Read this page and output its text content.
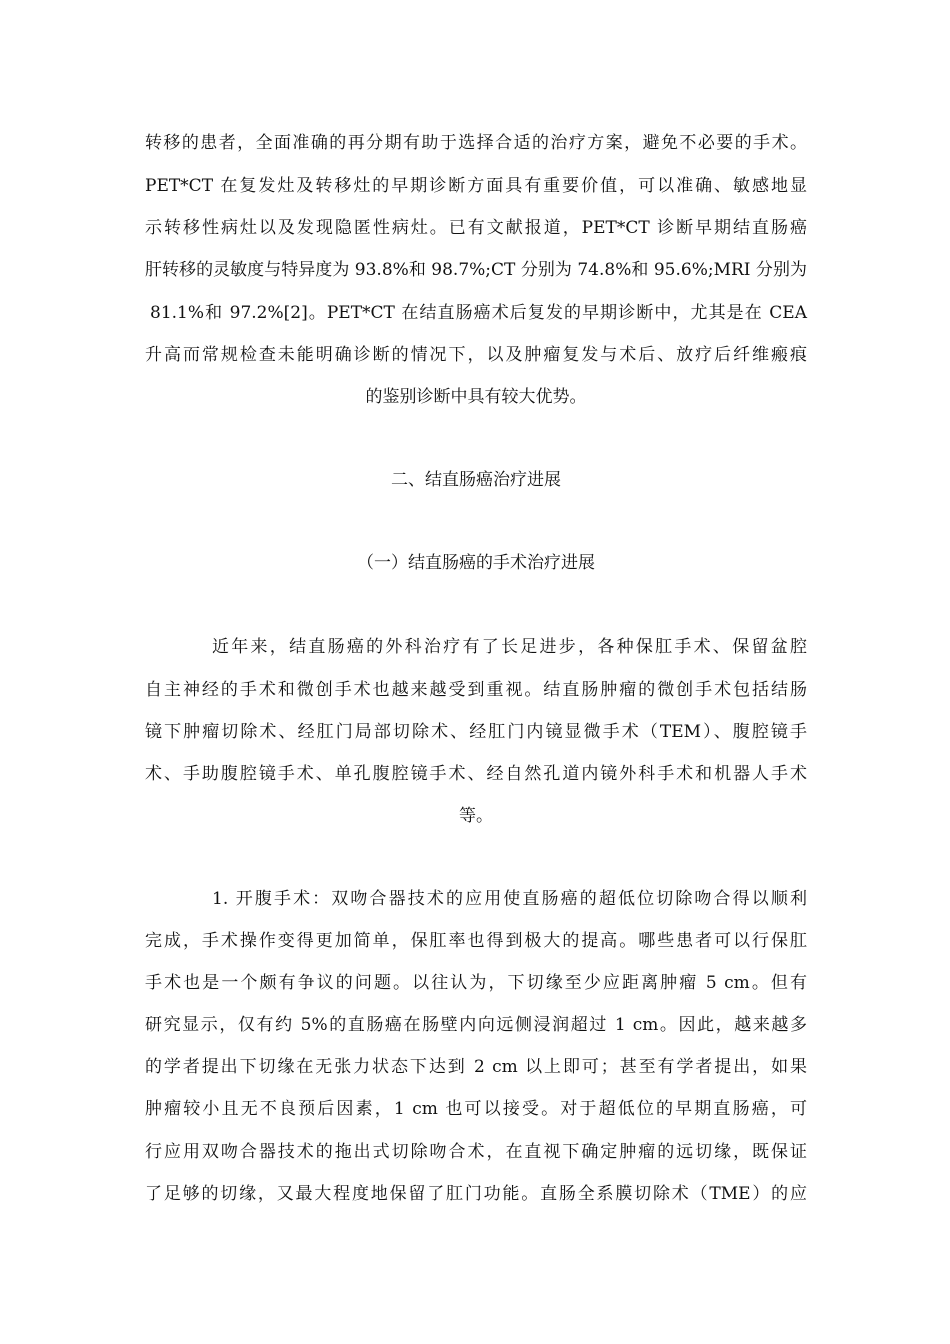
转移的患者，全面准确的再分期有助于选择合适的治疗方案，避免不必要的手术。
PET*CT 在复发灶及转移灶的早期诊断方面具有重要价值，可以准确、敏感地显
示转移性病灶以及发现隐匿性病灶。已有文献报道，PET*CT 诊断早期结直肠癌
肝转移的灵敏度与特异度为 93.8%和 98.7%;CT 分别为 74.8%和 95.6%;MRI 分别为
81.1%和 97.2%[2]。PET*CT 在结直肠癌术后复发的早期诊断中，尤其是在 CEA
升高而常规检查未能明确诊断的情况下，以及肿瘤复发与术后、放疗后纤维瘢痕
的鉴别诊断中具有较大优势。
二、结直肠癌治疗进展
（一）结直肠癌的手术治疗进展
近年来，结直肠癌的外科治疗有了长足进步，各种保肛手术、保留盆腔
自主神经的手术和微创手术也越来越受到重视。结直肠肿瘤的微创手术包括结肠
镜下肿瘤切除术、经肛门局部切除术、经肛门内镜显微手术（TEM）、腹腔镜手
术、手助腹腔镜手术、单孔腹腔镜手术、经自然孔道内镜外科手术和机器人手术
等。
1. 开腹手术：双吻合器技术的应用使直肠癌的超低位切除吻合得以顺利
完成，手术操作变得更加简单，保肛率也得到极大的提高。哪些患者可以行保肛
手术也是一个颇有争议的问题。以往认为，下切缘至少应距离肿瘤 5 cm。但有
研究显示，仅有约 5%的直肠癌在肠壁内向远侧浸润超过 1 cm。因此，越来越多
的学者提出下切缘在无张力状态下达到 2 cm 以上即可；甚至有学者提出，如果
肿瘤较小且无不良预后因素，1 cm 也可以接受。对于超低位的早期直肠癌，可
行应用双吻合器技术的拖出式切除吻合术，在直视下确定肿瘤的远切缘，既保证
了足够的切缘，又最大程度地保留了肛门功能。直肠全系膜切除术（TME）的应
